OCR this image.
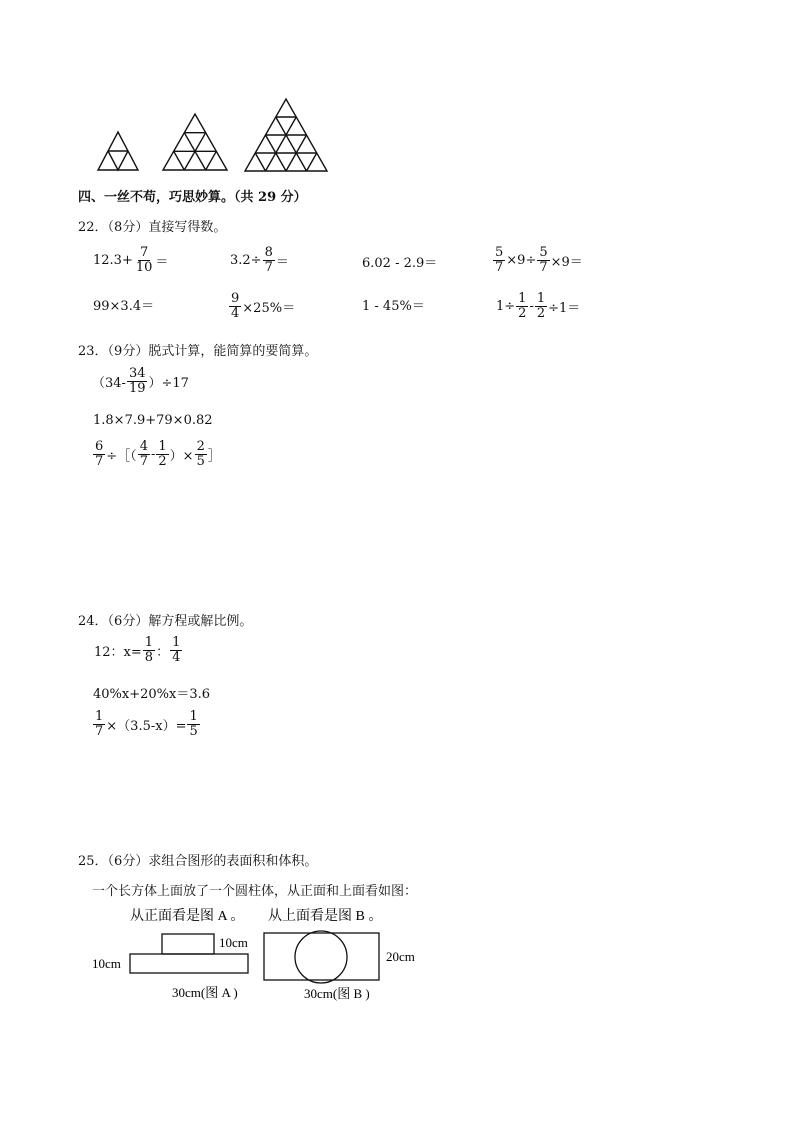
四、一丝不苟，巧思妙算。（共 29 分）
22．（8分）直接写得数。
$12.3+ \frac{7}{10}$ ＝	$3.2\div \frac{8}{7}$ ＝	6.02 - 2.9＝	$\frac{5}{7} \times 9\div \frac{5}{7} \times 9=$
99×3.4＝	$\frac{9}{4} \times 25\%=$	1 - 45%＝	$1\div \frac{1}{2} - \frac{1}{2} \div 1=$
23．（9分）脱式计算，能简算的要简算。
$(34- \frac{34}{19} )\div 17$
1.8×7.9+79×0.82
$\frac{6}{7}$ ÷［（ $\frac{4}{7} - \frac{1}{2}$ ）× $\frac{2}{5}$ ］
24．（6分）解方程或解比例。
12：$x= \frac{1}{8}$ ： $\frac{1}{4}$
40%x+20%x＝3.6
$\frac{1}{7} \times(3.5-x)= \frac{1}{5}$
25．（6分）求组合图形的表面积和体积。
一个长方体上面放了一个圆柱体，从正面和上面看如图：
从正面看是图 A 。
10cm
10cm
30cm(图 A )
从上面看是图 B 。
20cm
30cm(图 B )
